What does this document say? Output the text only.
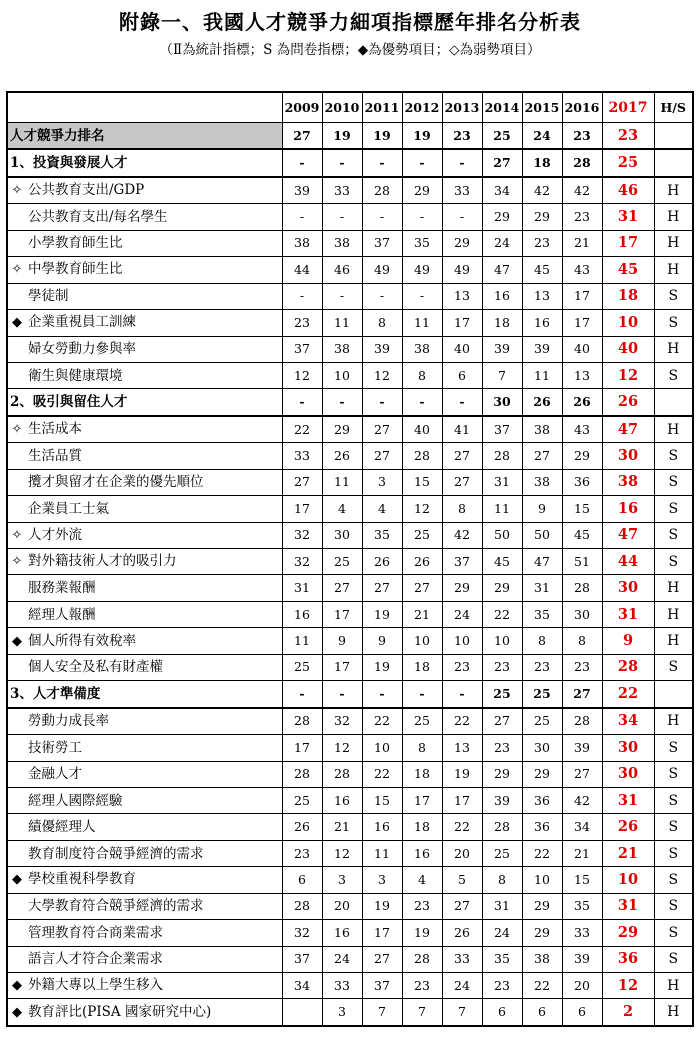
附錄一、我國人才競爭力細項指標歷年排名分析表
（Ⅱ為統計指標；S 為問卷指標；◆為優勢項目；◇為弱勢項目）
	2009	2010	2011	2012	2013	2014	2015	2016	2017	H/S
人才競爭力排名	27	19	19	19	23	25	24	23	23	
1、投資與發展人才	-	-	-	-	-	27	18	28	25	
✧ 公共教育支出/GDP	39	33	28	29	33	34	42	42	46	H
公共教育支出/每名學生	-	-	-	-	-	29	29	23	31	H
小學教育師生比	38	38	37	35	29	24	23	21	17	H
✧ 中學教育師生比	44	46	49	49	49	47	45	43	45	H
學徒制	-	-	-	-	13	16	13	17	18	S
◆ 企業重視員工訓練	23	11	8	11	17	18	16	17	10	S
婦女勞動力參與率	37	38	39	38	40	39	39	40	40	H
衛生與健康環境	12	10	12	8	6	7	11	13	12	S
2、吸引與留住人才	-	-	-	-	-	30	26	26	26	
✧ 生活成本	22	29	27	40	41	37	38	43	47	H
生活品質	33	26	27	28	27	28	27	29	30	S
攬才與留才在企業的優先順位	27	11	3	15	27	31	38	36	38	S
企業員工士氣	17	4	4	12	8	11	9	15	16	S
✧ 人才外流	32	30	35	25	42	50	50	45	47	S
✧ 對外籍技術人才的吸引力	32	25	26	26	37	45	47	51	44	S
服務業報酬	31	27	27	27	29	29	31	28	30	H
經理人報酬	16	17	19	21	24	22	35	30	31	H
◆ 個人所得有效稅率	11	9	9	10	10	10	8	8	9	H
個人安全及私有財產權	25	17	19	18	23	23	23	23	28	S
3、人才準備度	-	-	-	-	-	25	25	27	22	
勞動力成長率	28	32	22	25	22	27	25	28	34	H
技術勞工	17	12	10	8	13	23	30	39	30	S
金融人才	28	28	22	18	19	29	29	27	30	S
經理人國際經驗	25	16	15	17	17	39	36	42	31	S
績優經理人	26	21	16	18	22	28	36	34	26	S
教育制度符合競爭經濟的需求	23	12	11	16	20	25	22	21	21	S
◆ 學校重視科學教育	6	3	3	4	5	8	10	15	10	S
大學教育符合競爭經濟的需求	28	20	19	23	27	31	29	35	31	S
管理教育符合商業需求	32	16	17	19	26	24	29	33	29	S
語言人才符合企業需求	37	24	27	28	33	35	38	39	36	S
◆ 外籍大專以上學生移入	34	33	37	23	24	23	22	20	12	H
◆ 教育評比(PISA 國家研究中心)		3	7	7	7	6	6	6	2	H
